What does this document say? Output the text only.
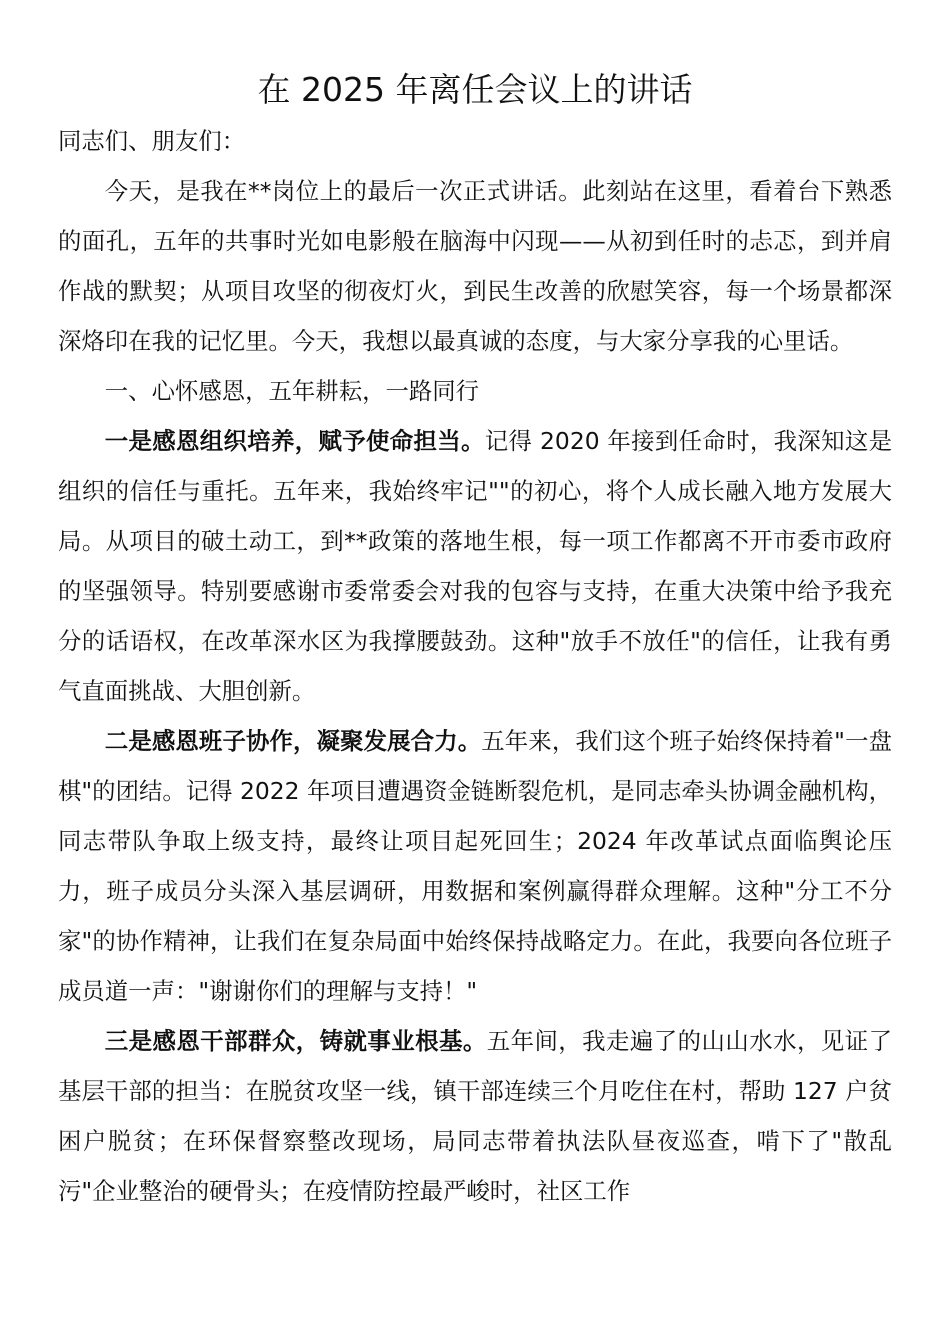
在 2025 年离任会议上的讲话

同志们、朋友们：

今天，是我在**岗位上的最后一次正式讲话。此刻站在这里，看着台下熟悉的面孔，五年的共事时光如电影般在脑海中闪现——从初到任时的忐忑，到并肩作战的默契；从项目攻坚的彻夜灯火，到民生改善的欣慰笑容，每一个场景都深深烙印在我的记忆里。今天，我想以最真诚的态度，与大家分享我的心里话。

一、心怀感恩，五年耕耘，一路同行

一是感恩组织培养，赋予使命担当。记得 2020 年接到任命时，我深知这是组织的信任与重托。五年来，我始终牢记""的初心，将个人成长融入地方发展大局。从项目的破土动工，到**政策的落地生根，每一项工作都离不开市委市政府的坚强领导。特别要感谢市委常委会对我的包容与支持，在重大决策中给予我充分的话语权，在改革深水区为我撑腰鼓劲。这种"放手不放任"的信任，让我有勇气直面挑战、大胆创新。

二是感恩班子协作，凝聚发展合力。五年来，我们这个班子始终保持着"一盘棋"的团结。记得 2022 年项目遭遇资金链断裂危机，是同志牵头协调金融机构，同志带队争取上级支持，最终让项目起死回生；2024 年改革试点面临舆论压力，班子成员分头深入基层调研，用数据和案例赢得群众理解。这种"分工不分家"的协作精神，让我们在复杂局面中始终保持战略定力。在此，我要向各位班子成员道一声："谢谢你们的理解与支持！"

三是感恩干部群众，铸就事业根基。五年间，我走遍了的山山水水，见证了基层干部的担当：在脱贫攻坚一线，镇干部连续三个月吃住在村，帮助 127 户贫困户脱贫；在环保督察整改现场，局同志带着执法队昼夜巡查，啃下了"散乱污"企业整治的硬骨头；在疫情防控最严峻时，社区工作
